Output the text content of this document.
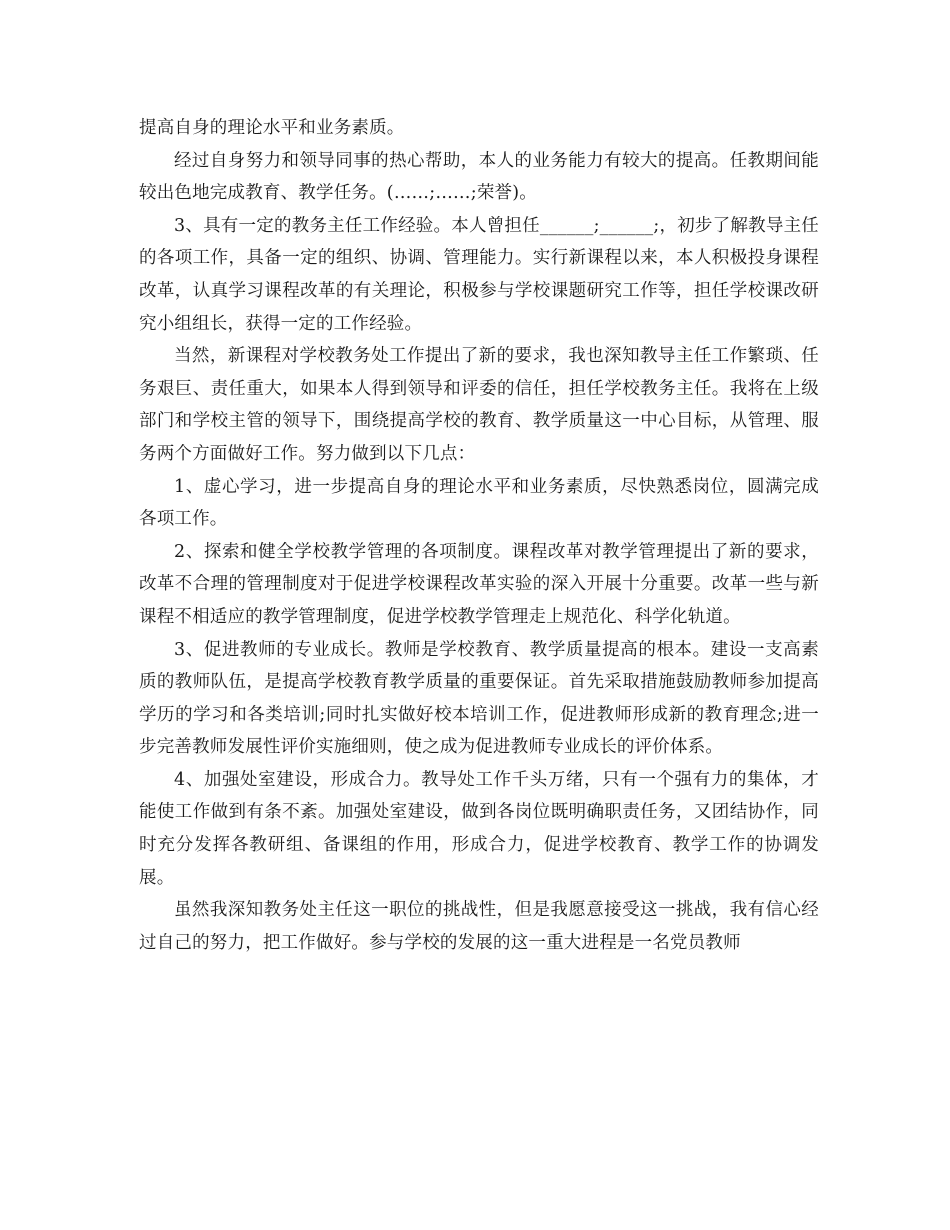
提高自身的理论水平和业务素质。

经过自身努力和领导同事的热心帮助，本人的业务能力有较大的提高。任教期间能较出色地完成教育、教学任务。(……;……;荣誉)。

3、具有一定的教务主任工作经验。本人曾担任______;______;，初步了解教导主任的各项工作，具备一定的组织、协调、管理能力。实行新课程以来，本人积极投身课程改革，认真学习课程改革的有关理论，积极参与学校课题研究工作等，担任学校课改研究小组组长，获得一定的工作经验。

当然，新课程对学校教务处工作提出了新的要求，我也深知教导主任工作繁琐、任务艰巨、责任重大，如果本人得到领导和评委的信任，担任学校教务主任。我将在上级部门和学校主管的领导下，围绕提高学校的教育、教学质量这一中心目标，从管理、服务两个方面做好工作。努力做到以下几点：

1、虚心学习，进一步提高自身的理论水平和业务素质，尽快熟悉岗位，圆满完成各项工作。

2、探索和健全学校教学管理的各项制度。课程改革对教学管理提出了新的要求，改革不合理的管理制度对于促进学校课程改革实验的深入开展十分重要。改革一些与新课程不相适应的教学管理制度，促进学校教学管理走上规范化、科学化轨道。

3、促进教师的专业成长。教师是学校教育、教学质量提高的根本。建设一支高素质的教师队伍，是提高学校教育教学质量的重要保证。首先采取措施鼓励教师参加提高学历的学习和各类培训;同时扎实做好校本培训工作，促进教师形成新的教育理念;进一步完善教师发展性评价实施细则，使之成为促进教师专业成长的评价体系。

4、加强处室建设，形成合力。教导处工作千头万绪，只有一个强有力的集体，才能使工作做到有条不紊。加强处室建设，做到各岗位既明确职责任务，又团结协作，同时充分发挥各教研组、备课组的作用，形成合力，促进学校教育、教学工作的协调发展。

虽然我深知教务处主任这一职位的挑战性，但是我愿意接受这一挑战，我有信心经过自己的努力，把工作做好。参与学校的发展的这一重大进程是一名党员教师
